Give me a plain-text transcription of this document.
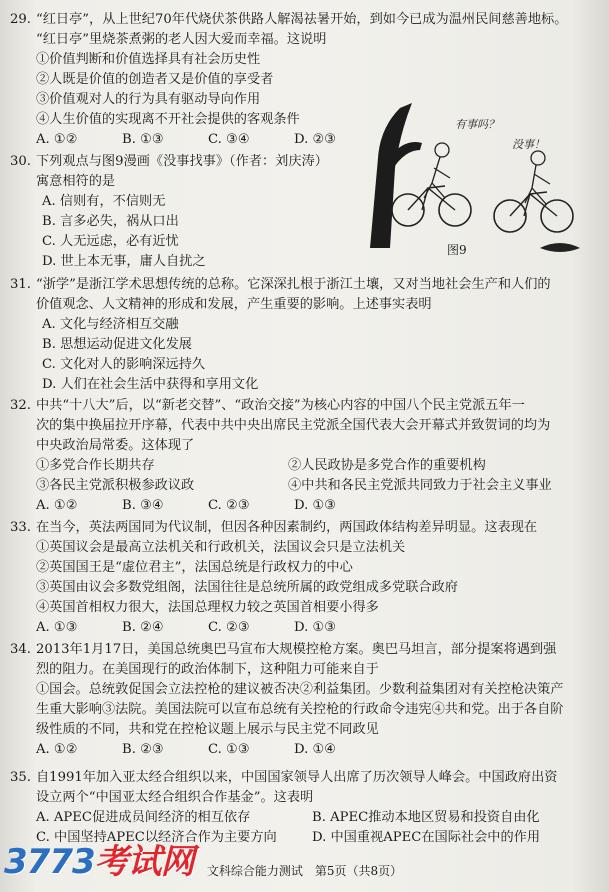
29. “红日亭”，从上世纪70年代烧伏茶供路人解渴祛暑开始，到如今已成为温州民间慈善地标。
“红日亭”里烧茶煮粥的老人因大爱而幸福。这说明
①价值判断和价值选择具有社会历史性
②人既是价值的创造者又是价值的享受者
③价值观对人的行为具有驱动导向作用
④人生价值的实现离不开社会提供的客观条件
A. ①②	B. ①③	C. ③④	D. ②③
30. 下列观点与图9漫画《没事找事》（作者：刘庆涛）
寓意相符的是
A. 信则有，不信则无
B. 言多必失，祸从口出
C. 人无远虑，必有近忧
D. 世上本无事，庸人自扰之
有事吗？
没事！
图9
31. “浙学”是浙江学术思想传统的总称。它深深扎根于浙江土壤，又对当地社会生产和人们的
价值观念、人文精神的形成和发展，产生重要的影响。上述事实表明
A. 文化与经济相互交融
B. 思想运动促进文化发展
C. 文化对人的影响深远持久
D. 人们在社会生活中获得和享用文化
32. 中共“十八大”后，以“新老交替”、“政治交接”为核心内容的中国八个民主党派五年一
次的集中换届拉开序幕，代表中共中央出席民主党派全国代表大会开幕式并致贺词的均为
中央政治局常委。这体现了
①多党合作长期共存	②人民政协是多党合作的重要机构
③各民主党派积极参政议政	④中共和各民主党派共同致力于社会主义事业
A. ①②	B. ③④	C. ②③	D. ①③
33. 在当今，英法两国同为代议制，但因各种因素制约，两国政体结构差异明显。这表现在
①英国议会是最高立法机关和行政机关，法国议会只是立法机关
②英国国王是“虚位君主”，法国总统是行政权力的中心
③英国由议会多数党组阁，法国往往是总统所属的政党组成多党联合政府
④英国首相权力很大，法国总理权力较之英国首相要小得多
A. ①③	B. ②④	C. ②③	D. ①③
34. 2013年1月17日，美国总统奥巴马宣布大规模控枪方案。奥巴马坦言，部分提案将遇到强
烈的阻力。在美国现行的政治体制下，这种阻力可能来自于
①国会。总统敦促国会立法控枪的建议被否决②利益集团。少数利益集团对有关控枪决策产
生重大影响③法院。美国法院可以宣布总统有关控枪的行政命令违宪④共和党。出于各自阶
级性质的不同，共和党在控枪议题上展示与民主党不同政见
A. ①②	B. ②③	C. ①③	D. ①④
35. 自1991年加入亚太经合组织以来，中国国家领导人出席了历次领导人峰会。中国政府出资
设立两个“中国亚太经合组织合作基金”。这表明
A. APEC促进成员间经济的相互依存	B. APEC推动本地区贸易和投资自由化
C. 中国坚持APEC以经济合作为主要方向	D. 中国重视APEC在国际社会中的作用
3773考试网	文科综合能力测试　第5页（共8页）
